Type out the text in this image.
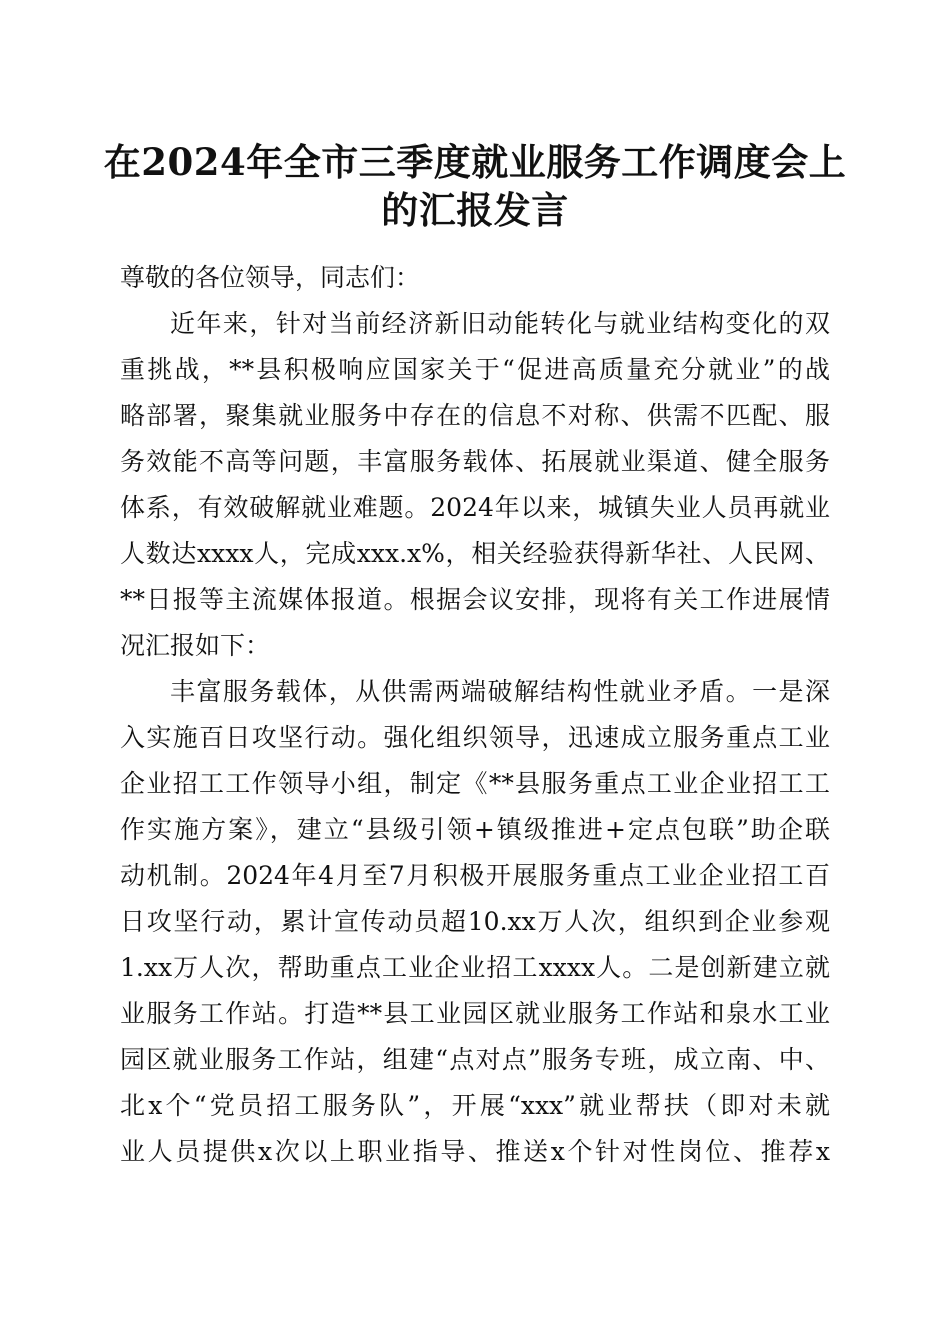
在2024年全市三季度就业服务工作调度会上
的汇报发言

尊敬的各位领导，同志们：

近年来，针对当前经济新旧动能转化与就业结构变化的双
重挑战，**县积极响应国家关于“促进高质量充分就业”的战
略部署，聚集就业服务中存在的信息不对称、供需不匹配、服
务效能不高等问题，丰富服务载体、拓展就业渠道、健全服务
体系，有效破解就业难题。2024年以来，城镇失业人员再就业
人数达xxxx人，完成xxx.x%，相关经验获得新华社、人民网、
**日报等主流媒体报道。根据会议安排，现将有关工作进展情
况汇报如下：

丰富服务载体，从供需两端破解结构性就业矛盾。一是深
入实施百日攻坚行动。强化组织领导，迅速成立服务重点工业
企业招工工作领导小组，制定《**县服务重点工业企业招工工
作实施方案》，建立“县级引领+镇级推进+定点包联”助企联
动机制。2024年4月至7月积极开展服务重点工业企业招工百
日攻坚行动，累计宣传动员超10.xx万人次，组织到企业参观
1.xx万人次，帮助重点工业企业招工xxxx人。二是创新建立就
业服务工作站。打造**县工业园区就业服务工作站和泉水工业
园区就业服务工作站，组建“点对点”服务专班，成立南、中、
北x个“党员招工服务队”，开展“xxx”就业帮扶（即对未就
业人员提供x次以上职业指导、推送x个针对性岗位、推荐x
